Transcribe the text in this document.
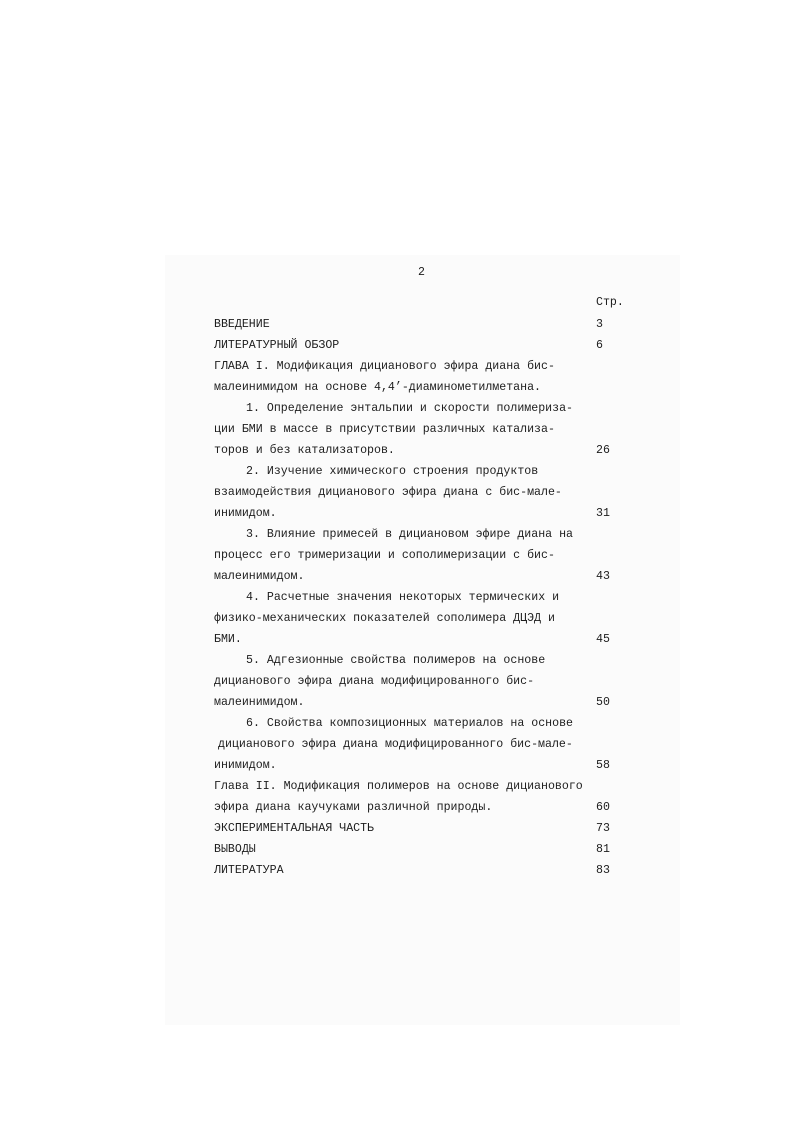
2
Стр.
ВВЕДЕНИЕ	3
ЛИТЕРАТУРНЫЙ ОБЗОР	6
ГЛАВА I. Модификация дицианового эфира диана бис-
малеинимидом на основе 4,4’-диаминометилметана.
1. Определение энтальпии и скорости полимериза-
ции БМИ в массе в присутствии различных катализа-
торов и без катализаторов.	26
2. Изучение химического строения продуктов
взаимодействия дицианового эфира диана с бис-мале-
инимидом.	31
3. Влияние примесей в дициановом эфире диана на
процесс его тримеризации и сополимеризации с бис-
малеинимидом.	43
4. Расчетные значения некоторых термических и
физико-механических показателей сополимера ДЦЭД и
БМИ.	45
5. Адгезионные свойства полимеров на основе
дицианового эфира диана модифицированного бис-
малеинимидом.	50
6. Свойства композиционных материалов на основе
дицианового эфира диана модифицированного бис-мале-
инимидом.	58
Глава II. Модификация полимеров на основе дицианового
эфира диана каучуками различной природы.	60
ЭКСПЕРИМЕНТАЛЬНАЯ ЧАСТЬ	73
ВЫВОДЫ	81
ЛИТЕРАТУРА	83
